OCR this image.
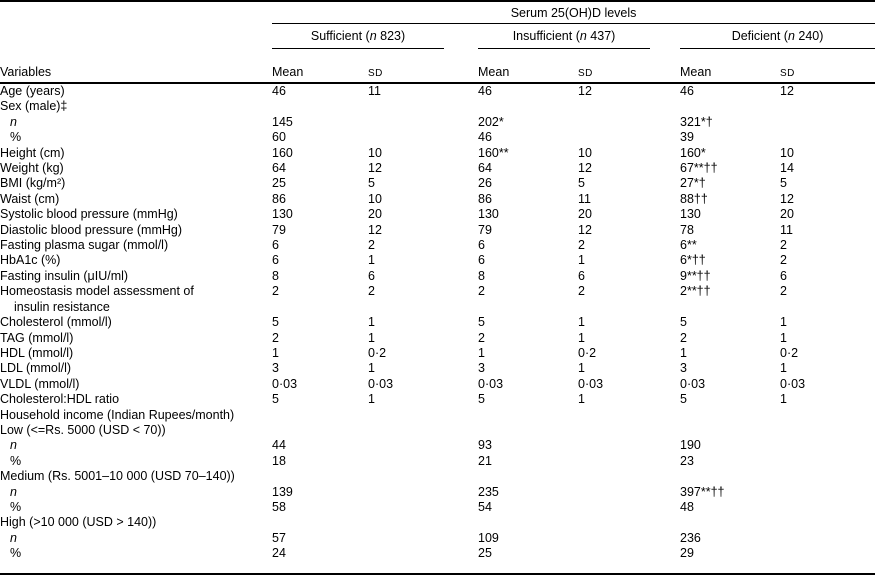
	Serum 25(OH)D levels							
	Sufficient (n 823)			Insufficient (n 437)			Deficient (n 240)	
Variables	Mean	SD		Mean	SD		Mean	SD

Age (years)	46	11		46	12		46	12

Sex (male)‡								

n	145			202*			321*†	

%	60			46			39	

Height (cm)	160	10		160**	10		160*	10

Weight (kg)	64	12		64	12		67**††	14

BMI (kg/m²)	25	5		26	5		27*†	5

Waist (cm)	86	10		86	11		88††	12

Systolic blood pressure (mmHg)	130	20		130	20		130	20

Diastolic blood pressure (mmHg)	79	12		79	12		78	11

Fasting plasma sugar (mmol/l)	6	2		6	2		6**	2

HbA1c (%)	6	1		6	1		6*††	2

Fasting insulin (μIU/ml)	8	6		8	6		9**††	6

Homeostasis model assessment of
insulin resistance	2	2		2	2		2**††	2

Cholesterol (mmol/l)	5	1		5	1		5	1

TAG (mmol/l)	2	1		2	1		2	1

HDL (mmol/l)	1	0·2		1	0·2		1	0·2

LDL (mmol/l)	3	1		3	1		3	1

VLDL (mmol/l)	0·03	0·03		0·03	0·03		0·03	0·03

Cholesterol:HDL ratio	5	1		5	1		5	1

Household income (Indian Rupees/month)								

Low (<=Rs. 5000 (USD < 70))								

n	44			93			190	

%	18			21			23	

Medium (Rs. 5001–10 000 (USD 70–140))								

n	139			235			397**††	

%	58			54			48	

High (>10 000 (USD > 140))								

n	57			109			236	

%	24			25			29	
